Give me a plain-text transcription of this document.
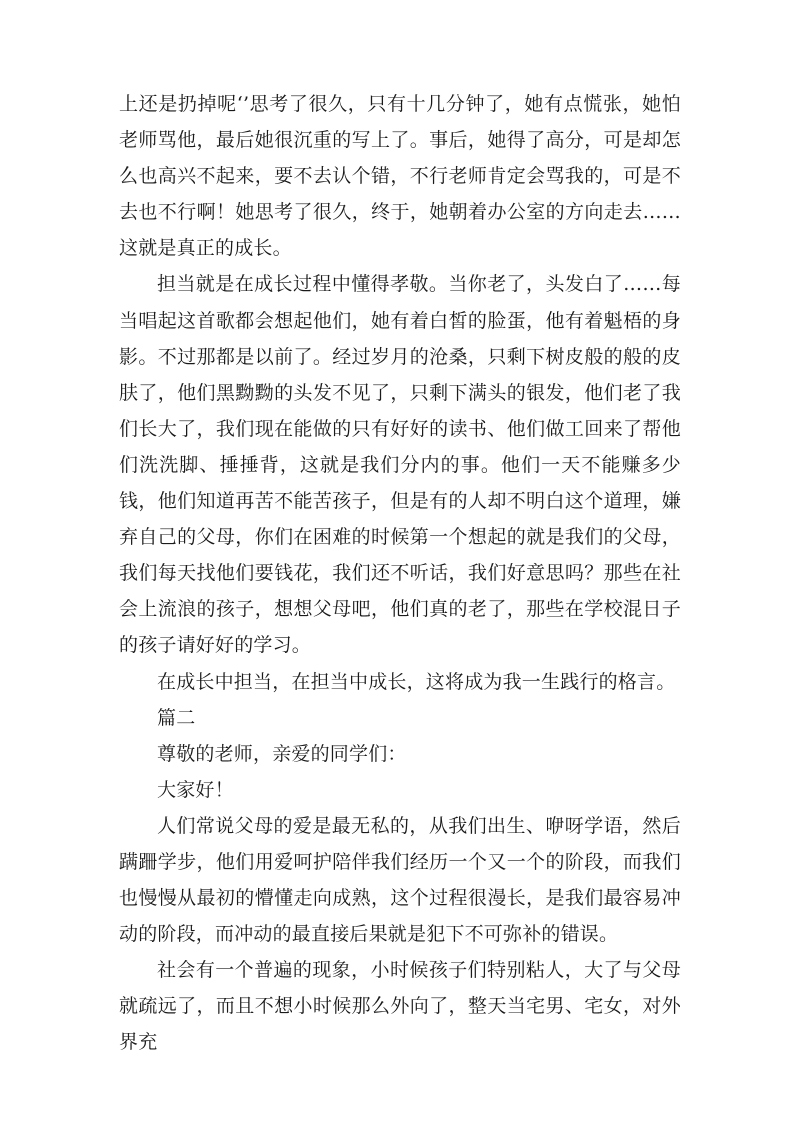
上还是扔掉呢‘’思考了很久，只有十几分钟了，她有点慌张，她怕老师骂他，最后她很沉重的写上了。事后，她得了高分，可是却怎么也高兴不起来，要不去认个错，不行老师肯定会骂我的，可是不去也不行啊！她思考了很久，终于，她朝着办公室的方向走去……这就是真正的成长。

担当就是在成长过程中懂得孝敬。当你老了，头发白了……每当唱起这首歌都会想起他们，她有着白皙的脸蛋，他有着魁梧的身影。不过那都是以前了。经过岁月的沧桑，只剩下树皮般的般的皮肤了，他们黑黝黝的头发不见了，只剩下满头的银发，他们老了我们长大了，我们现在能做的只有好好的读书、他们做工回来了帮他们洗洗脚、捶捶背，这就是我们分内的事。他们一天不能赚多少钱，他们知道再苦不能苦孩子，但是有的人却不明白这个道理，嫌弃自己的父母，你们在困难的时候第一个想起的就是我们的父母，我们每天找他们要钱花，我们还不听话，我们好意思吗？那些在社会上流浪的孩子，想想父母吧，他们真的老了，那些在学校混日子的孩子请好好的学习。

在成长中担当，在担当中成长，这将成为我一生践行的格言。

篇二

尊敬的老师，亲爱的同学们：

大家好！

人们常说父母的爱是最无私的，从我们出生、咿呀学语，然后蹒跚学步，他们用爱呵护陪伴我们经历一个又一个的阶段，而我们也慢慢从最初的懵懂走向成熟，这个过程很漫长，是我们最容易冲动的阶段，而冲动的最直接后果就是犯下不可弥补的错误。

社会有一个普遍的现象，小时候孩子们特别粘人，大了与父母就疏远了，而且不想小时候那么外向了，整天当宅男、宅女，对外界充
